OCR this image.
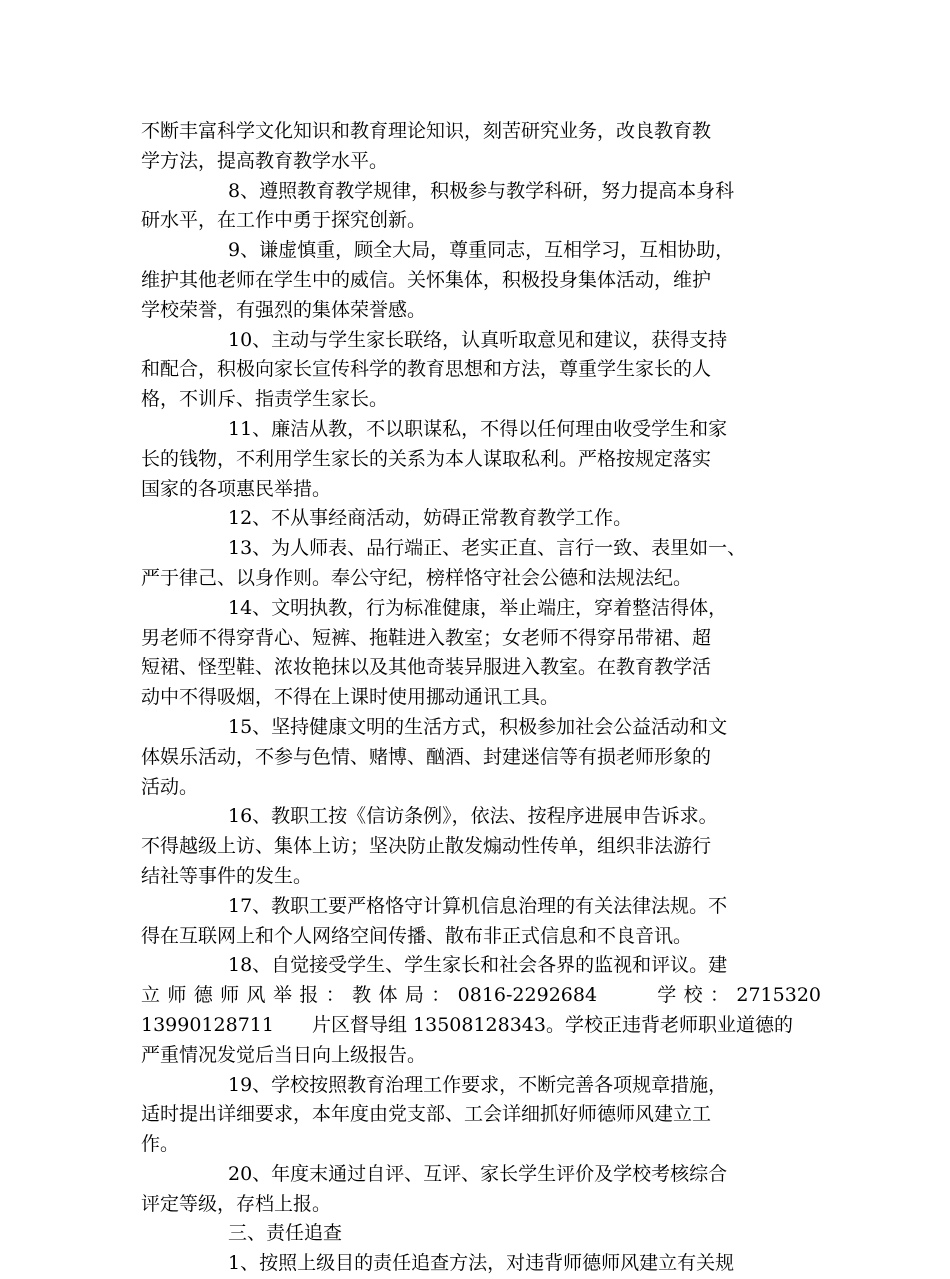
不断丰富科学文化知识和教育理论知识，刻苦研究业务，改良教育教
学方法，提高教育教学水平。
8、遵照教育教学规律，积极参与教学科研，努力提高本身科
研水平，在工作中勇于探究创新。
9、谦虚慎重，顾全大局，尊重同志，互相学习，互相协助，
维护其他老师在学生中的威信。关怀集体，积极投身集体活动，维护
学校荣誉，有强烈的集体荣誉感。
10、主动与学生家长联络，认真听取意见和建议，获得支持
和配合，积极向家长宣传科学的教育思想和方法，尊重学生家长的人
格，不训斥、指责学生家长。
11、廉洁从教，不以职谋私，不得以任何理由收受学生和家
长的钱物，不利用学生家长的关系为本人谋取私利。严格按规定落实
国家的各项惠民举措。
12、不从事经商活动，妨碍正常教育教学工作。
13、为人师表、品行端正、老实正直、言行一致、表里如一、
严于律己、以身作则。奉公守纪，榜样恪守社会公德和法规法纪。
14、文明执教，行为标准健康，举止端庄，穿着整洁得体，
男老师不得穿背心、短裤、拖鞋进入教室；女老师不得穿吊带裙、超
短裙、怪型鞋、浓妆艳抹以及其他奇装异服进入教室。在教育教学活
动中不得吸烟，不得在上课时使用挪动通讯工具。
15、坚持健康文明的生活方式，积极参加社会公益活动和文
体娱乐活动，不参与色情、赌博、酗酒、封建迷信等有损老师形象的
活动。
16、教职工按《信访条例》，依法、按程序进展申告诉求。
不得越级上访、集体上访；坚决防止散发煽动性传单，组织非法游行
结社等事件的发生。
17、教职工要严格恪守计算机信息治理的有关法律法规。不
得在互联网上和个人网络空间传播、散布非正式信息和不良音讯。
18、自觉接受学生、学生家长和社会各界的监视和评议。建
立师德师风举报：教体局：0816-2292684　　学校：2715320
13990128711　　片区督导组 13508128343。学校正违背老师职业道德的
严重情况发觉后当日向上级报告。
19、学校按照教育治理工作要求，不断完善各项规章措施，
适时提出详细要求，本年度由党支部、工会详细抓好师德师风建立工
作。
20、年度末通过自评、互评、家长学生评价及学校考核综合
评定等级，存档上报。
三、责任追查
1、按照上级目的责任追查方法，对违背师德师风建立有关规
